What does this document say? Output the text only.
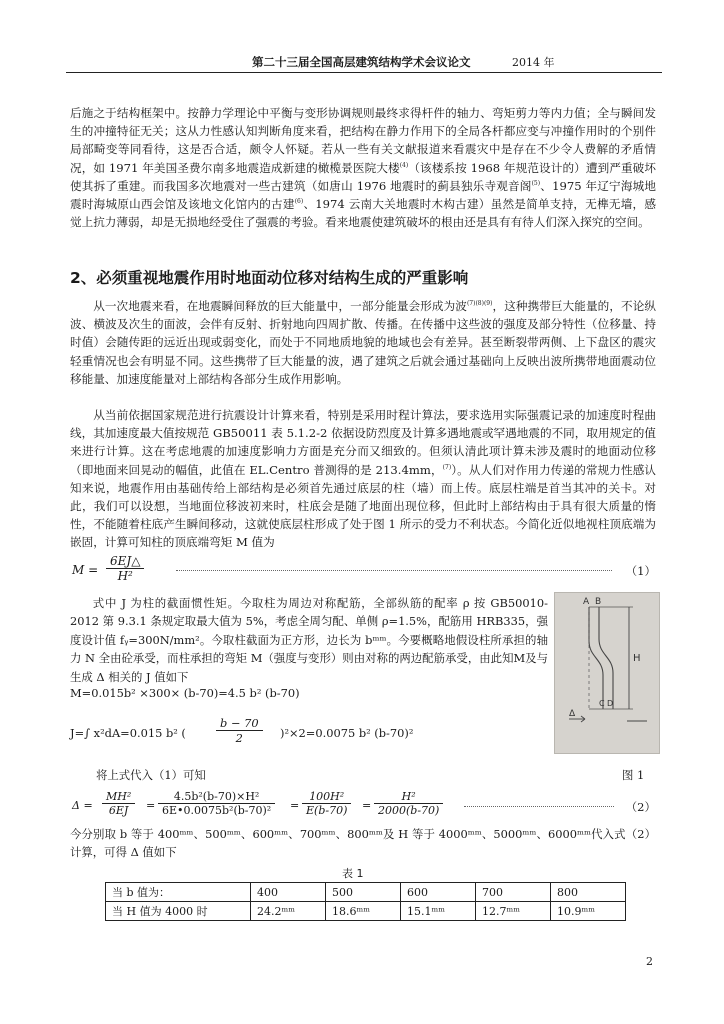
第二十三届全国高层建筑结构学术会议论文	2014 年

后施之于结构框架中。按静力学理论中平衡与变形协调规则最终求得杆件的轴力、弯矩剪力等内力值；全与瞬间发生的冲撞特征无关；这从力性感认知判断角度来看，把结构在静力作用下的全局各杆都应变与冲撞作用时的个别件局部畸变等同看待，这是否合适，颇令人怀疑。若从一些有关文献报道来看震灾中是存在不少令人费解的矛盾情况，如 1971 年美国圣费尔南多地震造成新建的橄榄景医院大楼$^{(4)}$（该楼系按 1968 年规范设计的）遭到严重破坏使其拆了重建。而我国多次地震对一些古建筑（如唐山 1976 地震时的蓟县独乐寺观音阁$^{(5)}$、1975 年辽宁海城地震时海城原山西会馆及该地文化馆内的古建$^{(6)}$、1974 云南大关地震时木构古建）虽然是简单支持，无榫无墙，感觉上抗力薄弱，却是无损地经受住了强震的考验。看来地震使建筑破坏的根由还是具有有待人们深入探究的空间。

2、必须重视地震作用时地面动位移对结构生成的严重影响

从一次地震来看，在地震瞬间释放的巨大能量中，一部分能量会形成为波$^{(7)(8)(9)}$，这种携带巨大能量的，不论纵波、横波及次生的面波，会伴有反射、折射地向四周扩散、传播。在传播中这些波的强度及部分特性（位移量、持时值）会随传距的远近出现或弱变化，而处于不同地质地貌的地域也会有差异。甚至断裂带两侧、上下盘区的震灾轻重情况也会有明显不同。这些携带了巨大能量的波，遇了建筑之后就会通过基础向上反映出波所携带地面震动位移能量、加速度能量对上部结构各部分生成作用影响。

从当前依据国家规范进行抗震设计计算来看，特别是采用时程计算法，要求选用实际强震记录的加速度时程曲线，其加速度最大值按规范 GB50011 表 5.1.2-2 依据设防烈度及计算多遇地震或罕遇地震的不同，取用规定的值来进行计算。这在考虑地震的加速度影响力方面是充分而又细致的。但须认清此项计算未涉及震时的地面动位移（即地面来回晃动的幅值，此值在 EL.Centro 普测得的是 213.4mm，$^{(7)}$）。从人们对作用力传递的常规力性感认知来说，地震作用由基础传给上部结构是必须首先通过底层的柱（墙）而上传。底层柱端是首当其冲的关卡。对此，我们可以设想，当地面位移波初来时，柱底会是随了地面出现位移，但此时上部结构由于具有很大质量的惰性，不能随着柱底产生瞬间移动，这就使底层柱形成了处于图 1 所示的受力不利状态。今简化近似地视柱顶底端为嵌固，计算可知柱的顶底端弯矩 M 值为

$M = \frac{6EJ\triangle}{\text{H²}}$	（1）

式中 J 为柱的截面惯性矩。今取柱为周边对称配筋，全部纵筋的配率 ρ 按 GB50010-2012 第 9.3.1 条规定取最大值为 5%，考虑全周匀配、单侧 ρ=1.5%，配筋用 HRB335，强度设计值 fᵧ=300N/mm²。今取柱截面为正方形，边长为 bᵐᵐ。今要概略地假设柱所承担的轴力 N 全由砼承受，而柱承担的弯矩 M（强度与变形）则由对称的两边配筋承受，由此知M及与生成 Δ 相关的 J 值如下

A B
H
C D
Δ
M=0.015b² ×300× (b-70)=4.5 b² (b-70)
J=∫ x²dA=0.015 b² (	$\frac{b - 70}{2} )^2\times 2=0.0075$ b² (b-70)²
将上式代入（1）可知	图 1
$\Delta = \frac{\text{MH²}}{6EJ} = \frac{\text{4.5b²(b-70)×H²}}{\text{6E•0.0075b²(b-70)²}} = \frac{\text{100H²}}{E(b-70)} = \frac{\text{H²}}{2000(b-70)}$	（2）

今分别取 b 等于 400ᵐᵐ、500ᵐᵐ、600ᵐᵐ、700ᵐᵐ、800ᵐᵐ及 H 等于 4000ᵐᵐ、5000ᵐᵐ、6000ᵐᵐ代入式（2）计算，可得 Δ 值如下

表 1
当 b 值为：	400	500	600	700	800
当 H 值为 4000 时	24.2ᵐᵐ	18.6ᵐᵐ	15.1ᵐᵐ	12.7ᵐᵐ	10.9ᵐᵐ
2
